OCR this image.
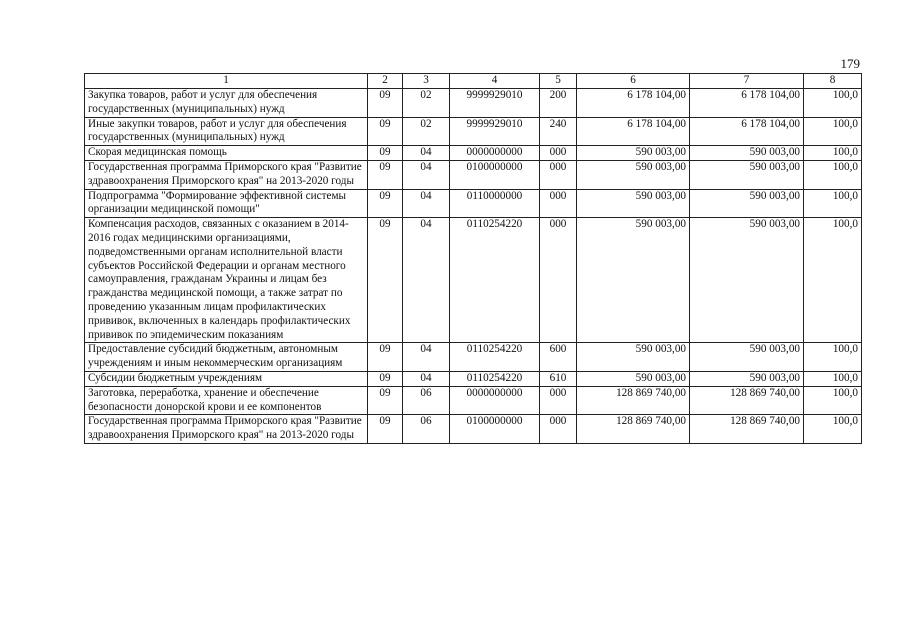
179
1	2	3	4	5	6	7	8
Закупка товаров, работ и услуг для обеспечения государственных (муниципальных) нужд	09	02	9999929010	200	6 178 104,00	6 178 104,00	100,0
Иные закупки товаров, работ и услуг для обеспечения государственных (муниципальных) нужд	09	02	9999929010	240	6 178 104,00	6 178 104,00	100,0
Скорая медицинская помощь	09	04	0000000000	000	590 003,00	590 003,00	100,0
Государственная программа Приморского края "Развитие здравоохранения Приморского края" на 2013-2020 годы	09	04	0100000000	000	590 003,00	590 003,00	100,0
Подпрограмма "Формирование эффективной системы организации медицинской помощи"	09	04	0110000000	000	590 003,00	590 003,00	100,0
Компенсация расходов, связанных с оказанием в 2014-2016 годах медицинскими организациями, подведомственными органам исполнительной власти субъектов Российской Федерации и органам местного самоуправления, гражданам Украины и лицам без гражданства медицинской помощи, а также затрат по проведению указанным лицам профилактических прививок, включенных в календарь профилактических прививок по эпидемическим показаниям	09	04	0110254220	000	590 003,00	590 003,00	100,0
Предоставление субсидий бюджетным, автономным учреждениям и иным некоммерческим организациям	09	04	0110254220	600	590 003,00	590 003,00	100,0
Субсидии бюджетным учреждениям	09	04	0110254220	610	590 003,00	590 003,00	100,0
Заготовка, переработка, хранение и обеспечение безопасности донорской крови и ее компонентов	09	06	0000000000	000	128 869 740,00	128 869 740,00	100,0
Государственная программа Приморского края "Развитие здравоохранения Приморского края" на 2013-2020 годы	09	06	0100000000	000	128 869 740,00	128 869 740,00	100,0
